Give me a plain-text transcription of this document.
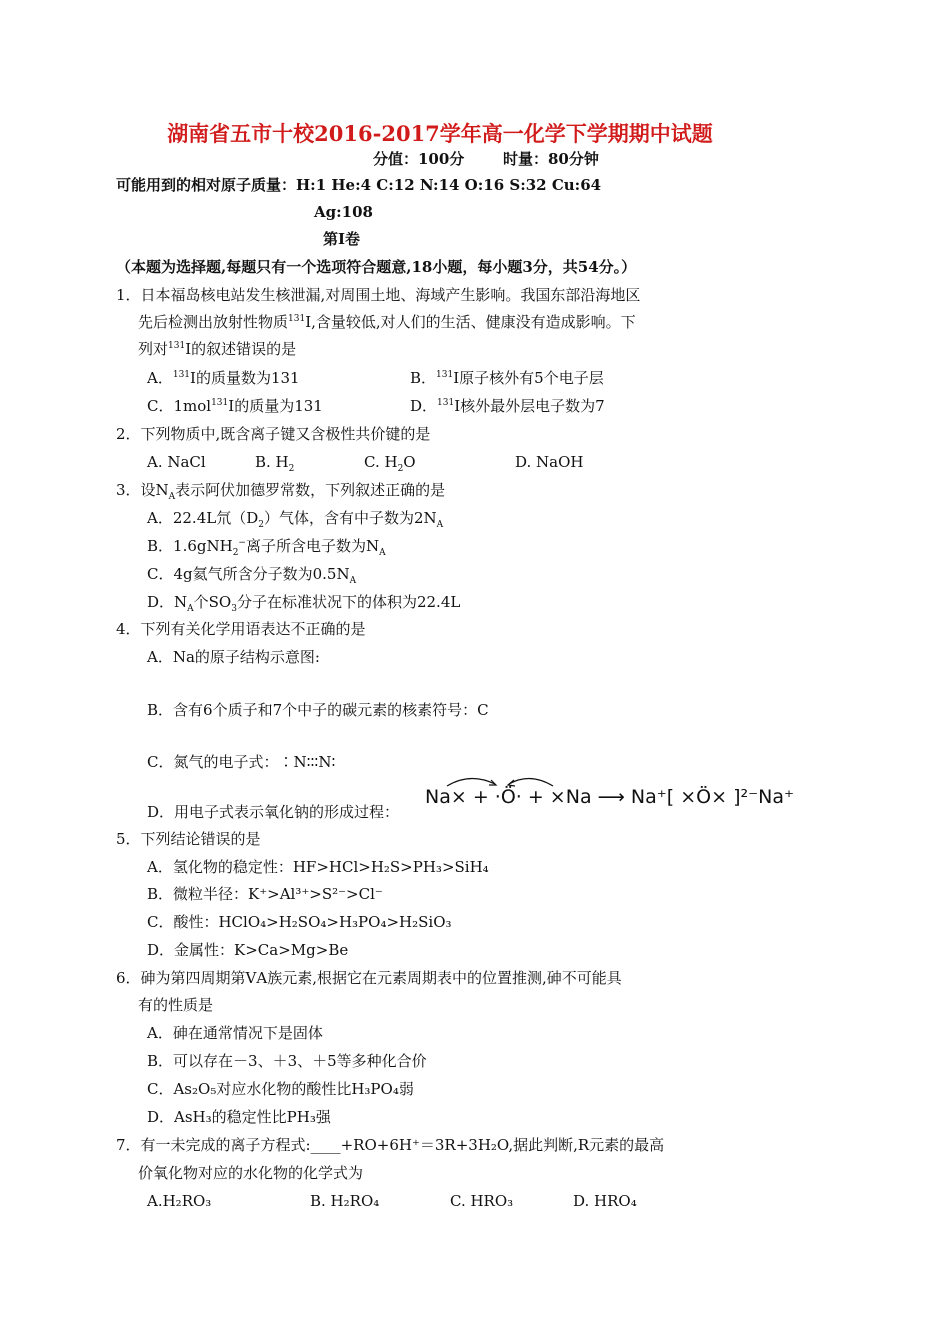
湖南省五市十校2016-2017学年高一化学下学期期中试题
分值：100分	时量：80分钟
可能用到的相对原子质量：H:1 He:4 C:12 N:14 O:16 S:32 Cu:64
Ag:108
第Ⅰ卷
（本题为选择题,每题只有一个选项符合题意,18小题，每小题3分，共54分。）
1．日本福岛核电站发生核泄漏,对周围土地、海域产生影响。我国东部沿海地区
先后检测出放射性物质$^{131}$I,含量较低,对人们的生活、健康没有造成影响。下
列对$^{131}$I的叙述错误的是
A．$^{131}$I的质量数为131	B．$^{131}$I原子核外有5个电子层
C．1mol$^{131}$I的质量为131	D．$^{131}$I核外最外层电子数为7
2．下列物质中,既含离子键又含极性共价键的是
A. NaCl	B. $H_2$	C. $H_2O$	D. NaOH
3．设$N_A$表示阿伏加德罗常数，下列叙述正确的是
A．22.4L氘$(D_2)$气体，含有中子数为$2N_A$
B．1.6gNH$_2$−离子所含电子数为$N_A$
C．4g氦气所含分子数为$0.5N_A$
D．$N_A$个$SO_3$分子在标准状况下的体积为22.4L
4．下列有关化学用语表达不正确的是
A．Na的原子结构示意图:
B．含有6个质子和7个中子的碳元素的核素符号：C
C．氮气的电子式：∶N∶∶∶N∶
D．用电子式表示氧化钠的形成过程：
Na× + ·Ö· + ×Na ⟶ Na⁺[ ×Ö× ]²⁻Na⁺
5．下列结论错误的是
A．氢化物的稳定性：HF>HCl>H₂S>PH₃>SiH₄
B．微粒半径：K⁺>Al³⁺>S²⁻>Cl⁻
C．酸性：HClO₄>H₂SO₄>H₃PO₄>H₂SiO₃
D．金属性：K>Ca>Mg>Be
6．砷为第四周期第ⅤA族元素,根据它在元素周期表中的位置推测,砷不可能具
有的性质是
A．砷在通常情况下是固体
B．可以存在－3、＋3、＋5等多种化合价
C．As₂O₅对应水化物的酸性比H₃PO₄弱
D．AsH₃的稳定性比PH₃强
7．有一未完成的离子方程式:____+RO+6H⁺＝3R+3H₂O,据此判断,R元素的最高
价氧化物对应的水化物的化学式为
A.H₂RO₃	B. H₂RO₄	C. HRO₃	D. HRO₄
